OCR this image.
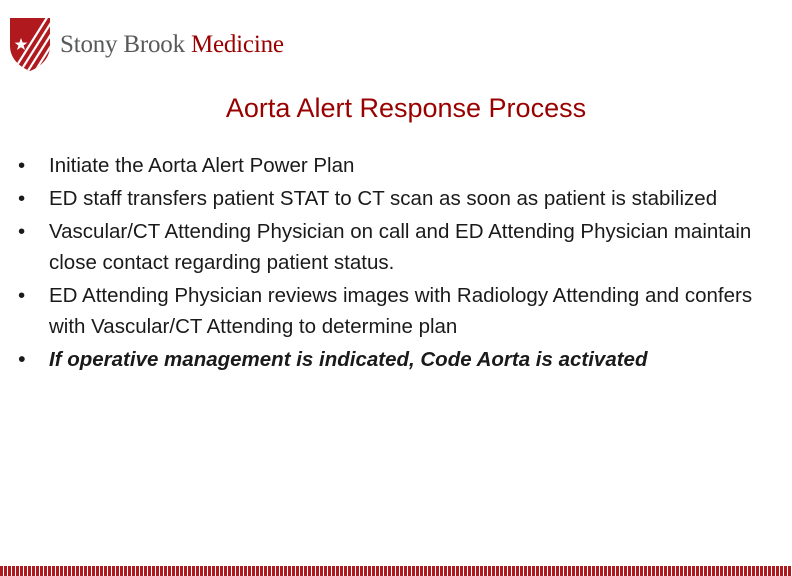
Stony Brook Medicine
Aorta Alert Response Process
• Initiate the Aorta Alert Power Plan
• ED staff transfers patient STAT to CT scan as soon as patient is stabilized
• Vascular/CT Attending Physician on call and ED Attending Physician maintain close contact regarding patient status.
• ED Attending Physician reviews images with Radiology Attending and confers with Vascular/CT Attending to determine plan
• If operative management is indicated, Code Aorta is activated
